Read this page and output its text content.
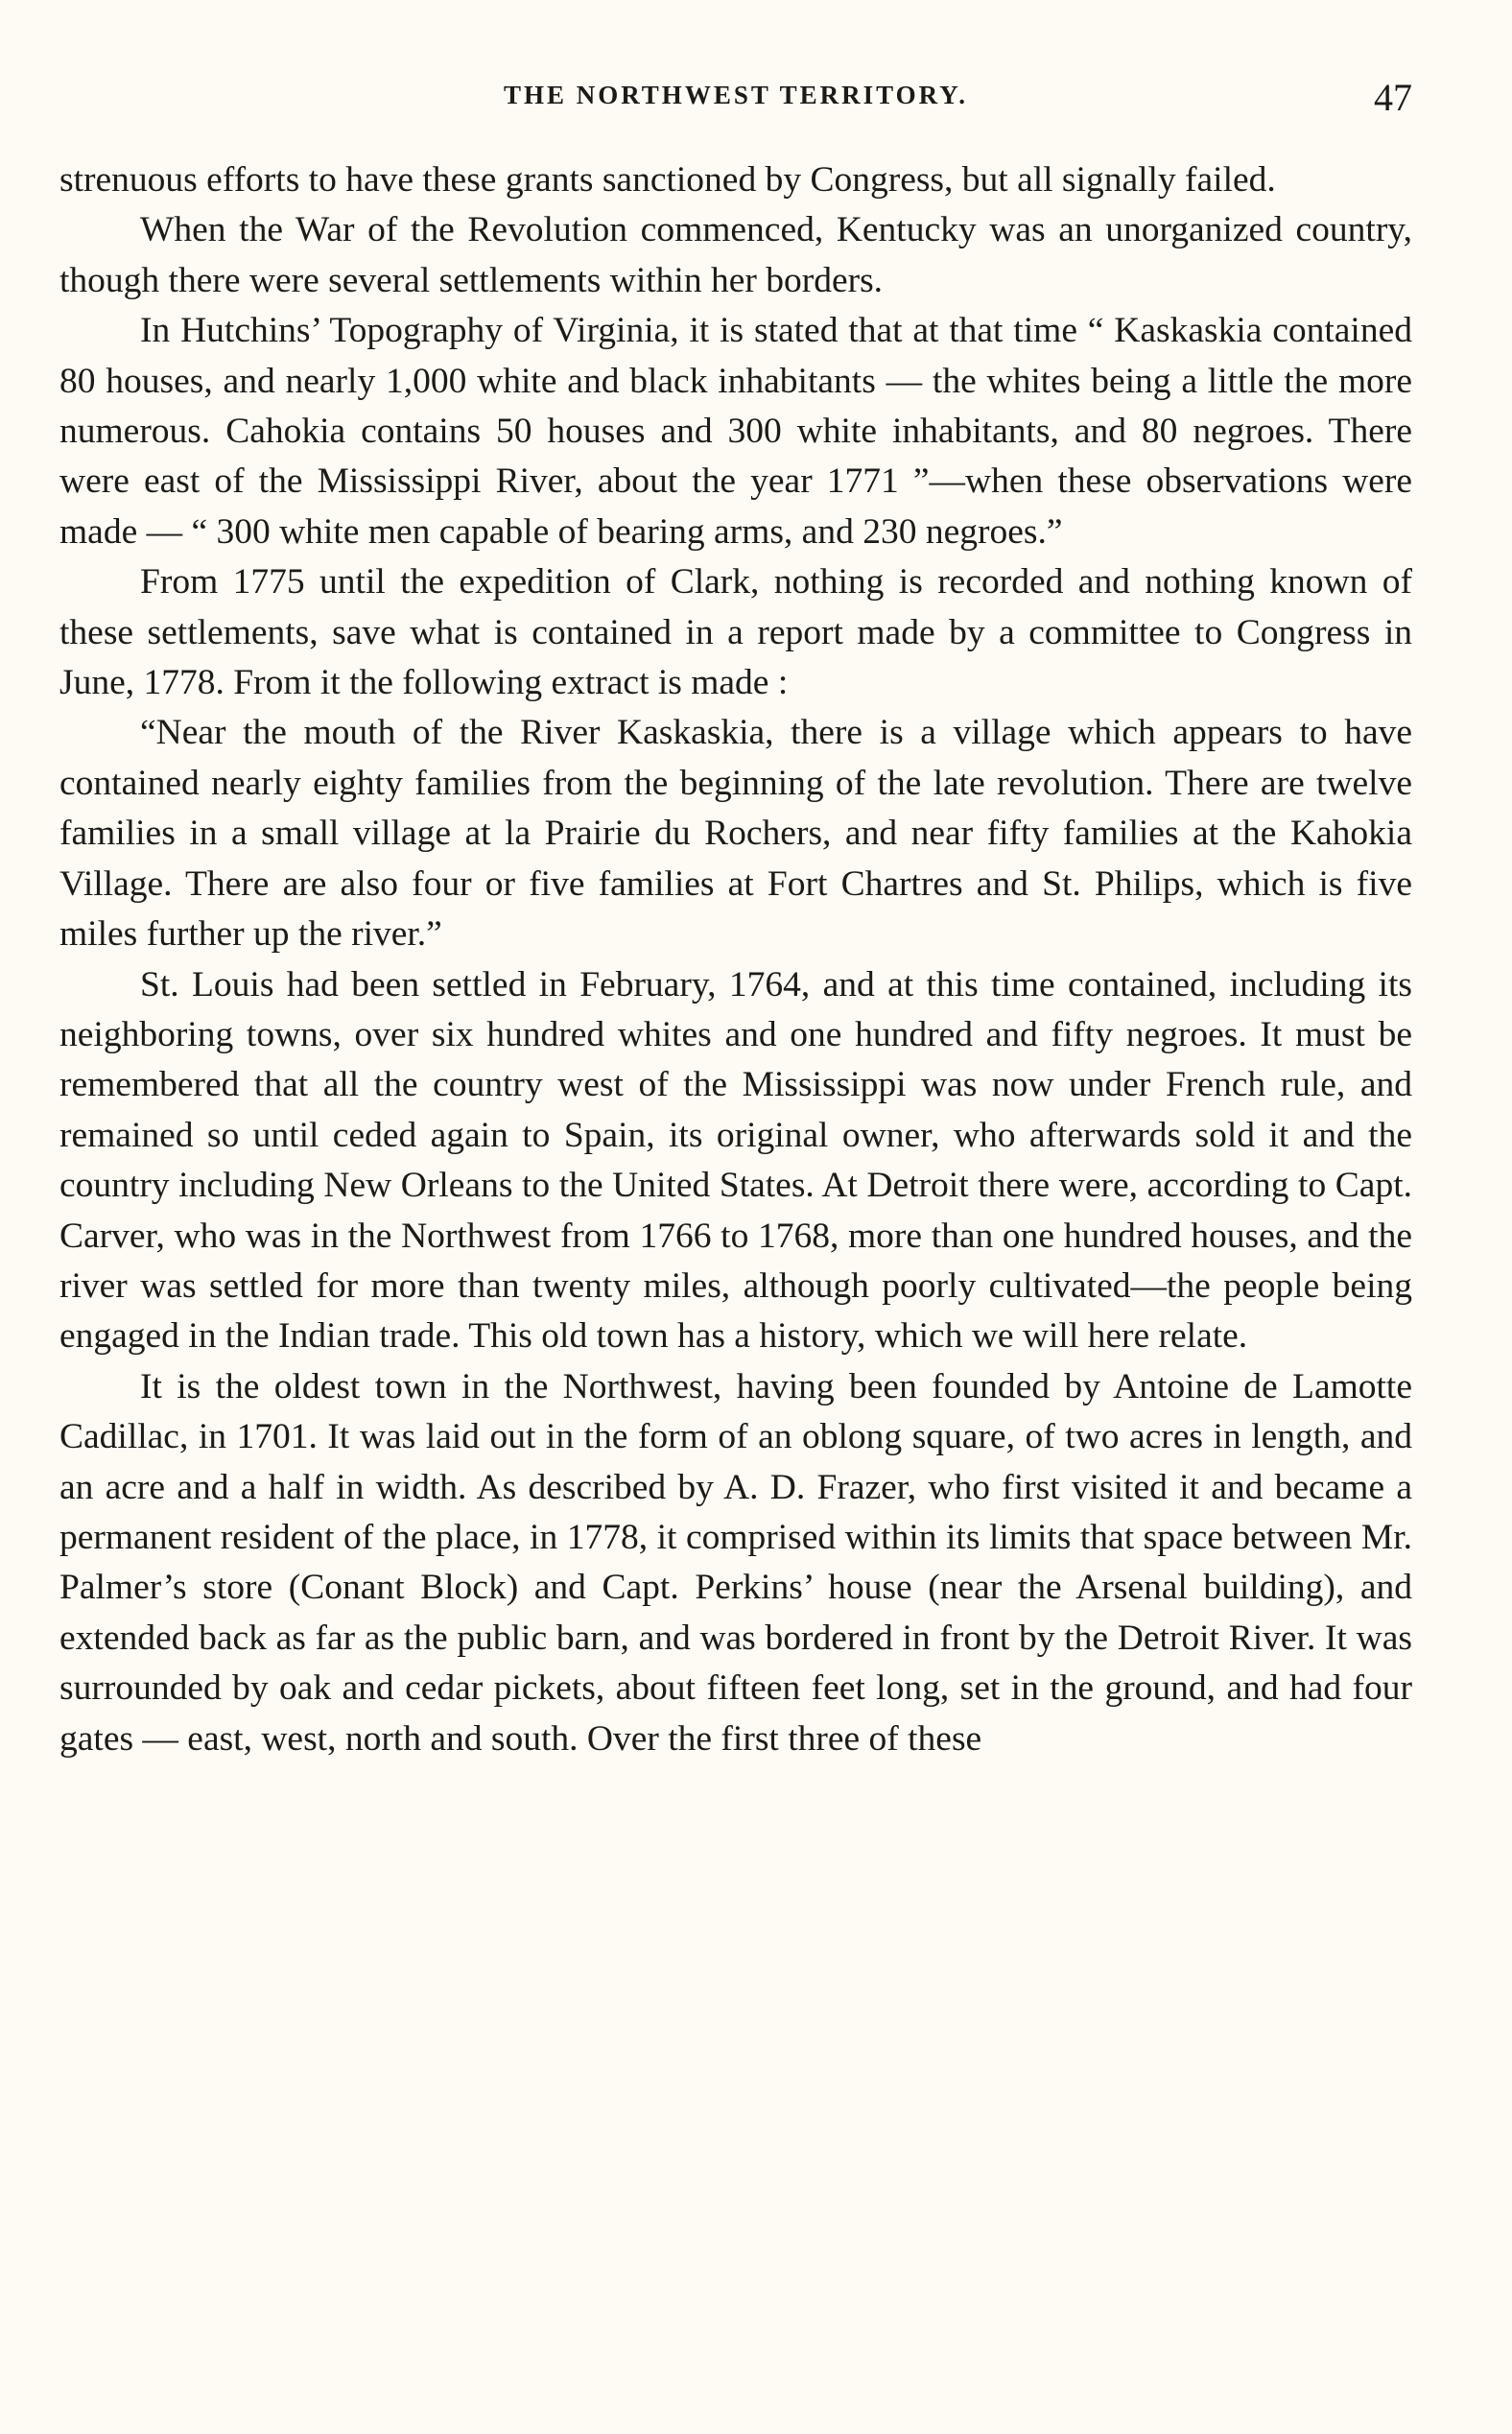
THE NORTHWEST TERRITORY.	47

strenuous efforts to have these grants sanctioned by Congress, but all signally failed.

When the War of the Revolution commenced, Kentucky was an unorganized country, though there were several settlements within her borders.

In Hutchins’ Topography of Virginia, it is stated that at that time “ Kaskaskia contained 80 houses, and nearly 1,000 white and black inhabitants — the whites being a little the more numerous. Cahokia contains 50 houses and 300 white inhabitants, and 80 negroes. There were east of the Mississippi River, about the year 1771 ”—when these observations were made — “ 300 white men capable of bearing arms, and 230 negroes.”

From 1775 until the expedition of Clark, nothing is recorded and nothing known of these settlements, save what is contained in a report made by a committee to Congress in June, 1778. From it the following extract is made :

“Near the mouth of the River Kaskaskia, there is a village which appears to have contained nearly eighty families from the beginning of the late revolution. There are twelve families in a small village at la Prairie du Rochers, and near fifty families at the Kahokia Village. There are also four or five families at Fort Chartres and St. Philips, which is five miles further up the river.”

St. Louis had been settled in February, 1764, and at this time contained, including its neighboring towns, over six hundred whites and one hundred and fifty negroes. It must be remembered that all the country west of the Mississippi was now under French rule, and remained so until ceded again to Spain, its original owner, who afterwards sold it and the country including New Orleans to the United States. At Detroit there were, according to Capt. Carver, who was in the Northwest from 1766 to 1768, more than one hundred houses, and the river was settled for more than twenty miles, although poorly cultivated—the people being engaged in the Indian trade. This old town has a history, which we will here relate.

It is the oldest town in the Northwest, having been founded by Antoine de Lamotte Cadillac, in 1701. It was laid out in the form of an oblong square, of two acres in length, and an acre and a half in width. As described by A. D. Frazer, who first visited it and became a permanent resident of the place, in 1778, it comprised within its limits that space between Mr. Palmer’s store (Conant Block) and Capt. Perkins’ house (near the Arsenal building), and extended back as far as the public barn, and was bordered in front by the Detroit River. It was surrounded by oak and cedar pickets, about fifteen feet long, set in the ground, and had four gates — east, west, north and south. Over the first three of these
